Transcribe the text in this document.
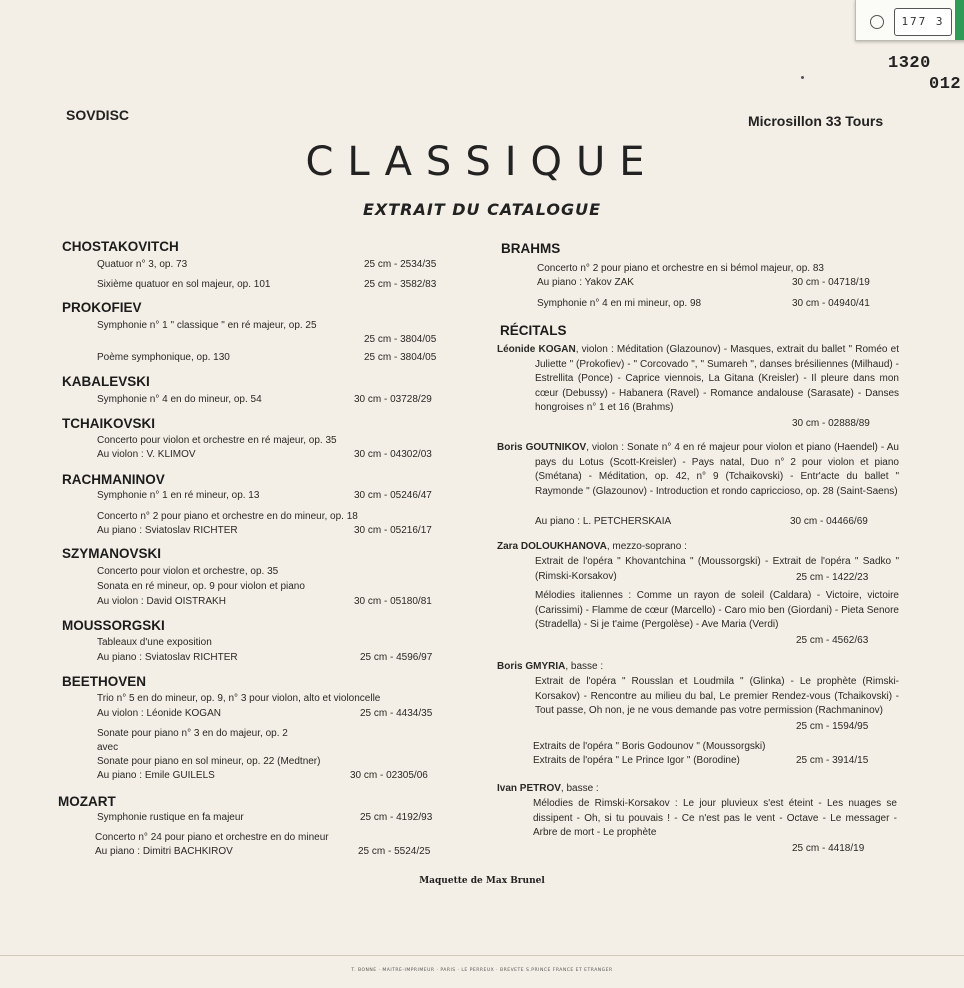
177 3
1320
012
SOVDISC	Microsillon 33 Tours
CLASSIQUE
EXTRAIT DU CATALOGUE
CHOSTAKOVITCH
Quatuor n° 3, op. 73	25 cm - 2534/35
Sixième quatuor en sol majeur, op. 101	25 cm - 3582/83
PROKOFIEV
Symphonie n° 1 " classique " en ré majeur, op. 25
25 cm - 3804/05
Poème symphonique, op. 130	25 cm - 3804/05
KABALEVSKI
Symphonie n° 4 en do mineur, op. 54	30 cm - 03728/29
TCHAIKOVSKI
Concerto pour violon et orchestre en ré majeur, op. 35
Au violon : V. KLIMOV	30 cm - 04302/03
RACHMANINOV
Symphonie n° 1 en ré mineur, op. 13	30 cm - 05246/47
Concerto n° 2 pour piano et orchestre en do mineur, op. 18
Au piano : Sviatoslav RICHTER	30 cm - 05216/17
SZYMANOVSKI
Concerto pour violon et orchestre, op. 35
Sonata en ré mineur, op. 9 pour violon et piano
Au violon : David OISTRAKH	30 cm - 05180/81
MOUSSORGSKI
Tableaux d'une exposition
Au piano : Sviatoslav RICHTER	25 cm - 4596/97
BEETHOVEN
Trio n° 5 en do mineur, op. 9, n° 3 pour violon, alto et violoncelle
Au violon : Léonide KOGAN	25 cm - 4434/35
Sonate pour piano n° 3 en do majeur, op. 2
avec
Sonate pour piano en sol mineur, op. 22 (Medtner)
Au piano : Emile GUILELS	30 cm - 02305/06
MOZART
Symphonie rustique en fa majeur	25 cm - 4192/93
Concerto n° 24 pour piano et orchestre en do mineur
Au piano : Dimitri BACHKIROV	25 cm - 5524/25
BRAHMS
Concerto n° 2 pour piano et orchestre en si bémol majeur, op. 83
Au piano : Yakov ZAK	30 cm - 04718/19
Symphonie n° 4 en mi mineur, op. 98	30 cm - 04940/41
RÉCITALS

Léonide KOGAN, violon : Méditation (Glazounov) - Masques, extrait du ballet " Roméo et Juliette " (Prokofiev) - " Corcovado ", " Sumareh ", danses brésiliennes (Milhaud) - Estrellita (Ponce) - Caprice viennois, La Gitana (Kreisler) - Il pleure dans mon cœur (Debussy) - Habanera (Ravel) - Romance andalouse (Sarasate) - Danses hongroises n° 1 et 16 (Brahms)

30 cm - 02888/89

Boris GOUTNIKOV, violon : Sonate n° 4 en ré majeur pour violon et piano (Haendel) - Au pays du Lotus (Scott-Kreisler) - Pays natal, Duo n° 2 pour violon et piano (Smétana) - Méditation, op. 42, n° 9 (Tchaikovski) - Entr'acte du ballet " Raymonde " (Glazounov) - Introduction et rondo capriccioso, op. 28 (Saint-Saens)

Au piano : L. PETCHERSKAIA	30 cm - 04466/69
Zara DOLOUKHANOVA, mezzo-soprano :

Extrait de l'opéra " Khovantchina " (Moussorgski) - Extrait de l'opéra " Sadko " (Rimski-Korsakov)	25 cm - 1422/23

Mélodies italiennes : Comme un rayon de soleil (Caldara) - Victoire, victoire (Carissimi) - Flamme de cœur (Marcello) - Caro mio ben (Giordani) - Pieta Senore (Stradella) - Si je t'aime (Pergolèse) - Ave Maria (Verdi)

25 cm - 4562/63
Boris GMYRIA, basse :

Extrait de l'opéra " Rousslan et Loudmila " (Glinka) - Le prophète (Rimski-Korsakov) - Rencontre au milieu du bal, Le premier Rendez-vous (Tchaikovski) - Tout passe, Oh non, je ne vous demande pas votre permission (Rachmaninov)

25 cm - 1594/95
Extraits de l'opéra " Boris Godounov " (Moussorgski)
Extraits de l'opéra " Le Prince Igor " (Borodine)	25 cm - 3914/15
Ivan PETROV, basse :

Mélodies de Rimski-Korsakov : Le jour pluvieux s'est éteint - Les nuages se dissipent - Oh, si tu pouvais ! - Ce n'est pas le vent - Octave - Le messager - Arbre de mort - Le prophète

25 cm - 4418/19
Maquette de Max Brunel
T. BONNE · MAITRE-IMPRIMEUR · PARIS · LE PERREUX · BREVETE S.PRINCE FRANCE ET ETRANGER
